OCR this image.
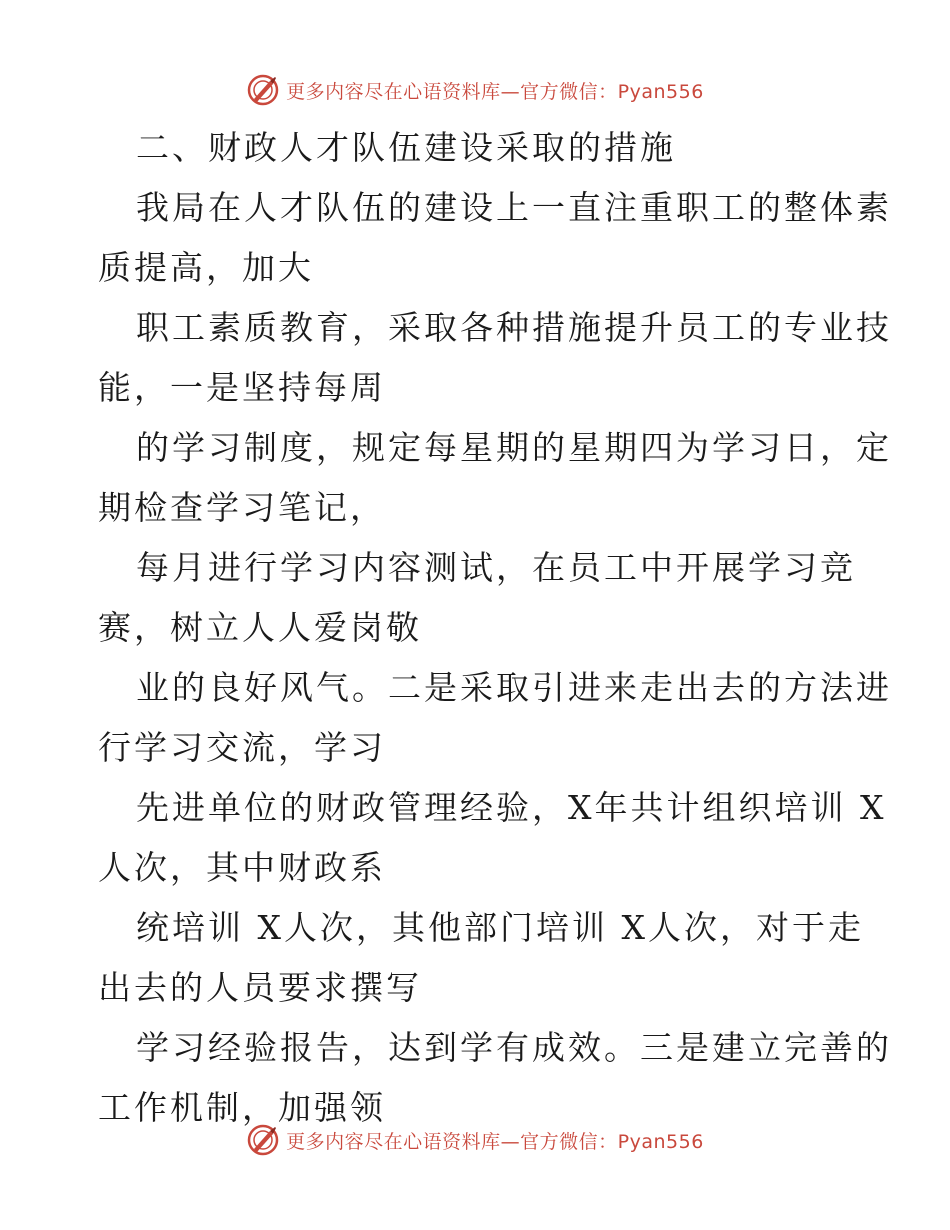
更多内容尽在心语资料库—官方微信：Pyan556
二、财政人才队伍建设采取的措施
我局在人才队伍的建设上一直注重职工的整体素
质提高，加大
职工素质教育，采取各种措施提升员工的专业技
能，一是坚持每周
的学习制度，规定每星期的星期四为学习日，定
期检查学习笔记，
每月进行学习内容测试，在员工中开展学习竞
赛，树立人人爱岗敬
业的良好风气。二是采取引进来走出去的方法进
行学习交流，学习
先进单位的财政管理经验，X年共计组织培训 X
人次，其中财政系
统培训 X人次，其他部门培训 X人次，对于走
出去的人员要求撰写
学习经验报告，达到学有成效。三是建立完善的
工作机制，加强领
更多内容尽在心语资料库—官方微信：Pyan556
